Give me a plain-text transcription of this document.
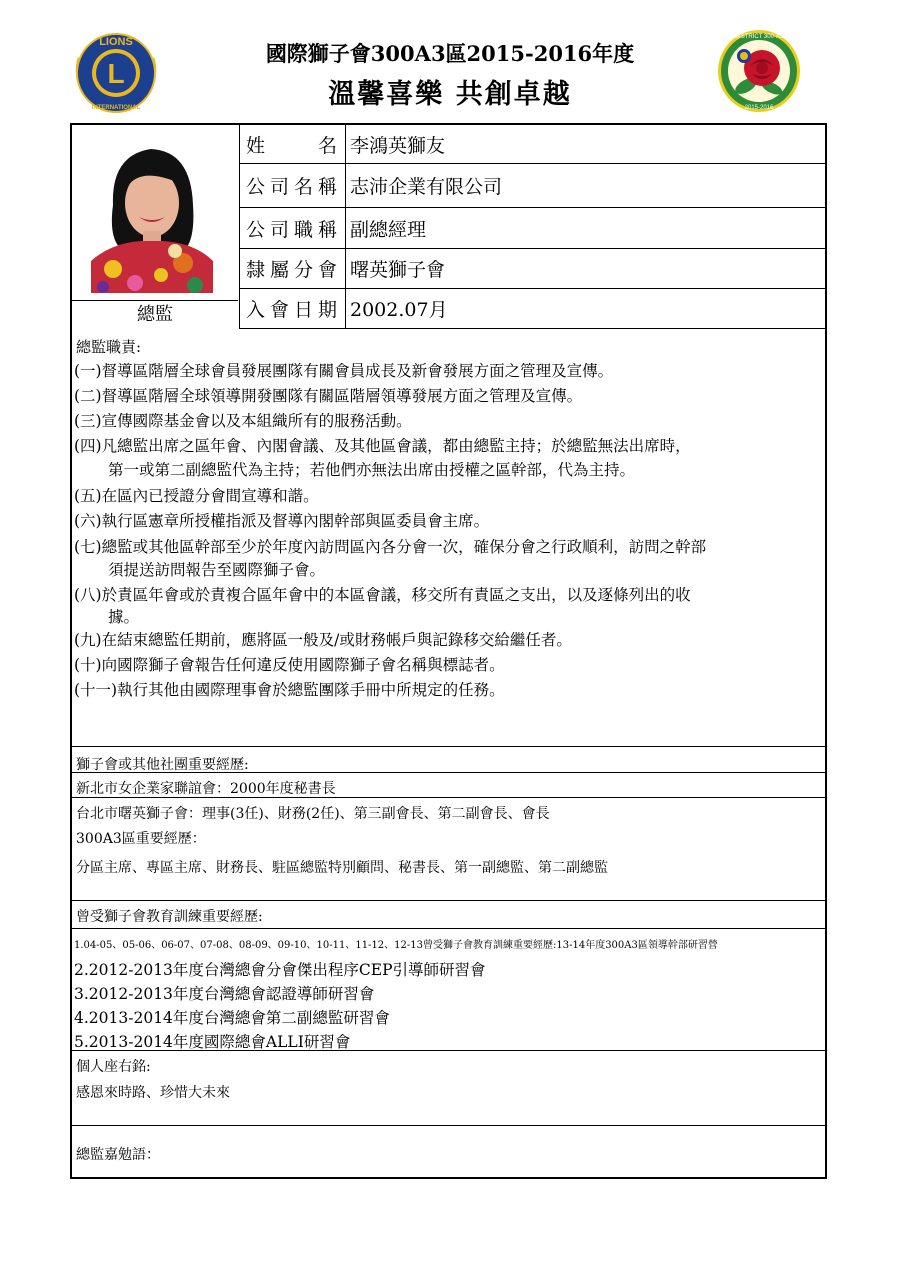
L
LIONS
INTERNATIONAL
DISTRICT 300-A3
2015-2016
國際獅子會300A3區2015-2016年度
溫馨喜樂 共創卓越
總監
姓　　名 李鴻英獅友
公司名稱 志沛企業有限公司
公司職稱 副總經理
隸屬分會 曙英獅子會
入會日期 2002.07月
總監職責:
(一)督導區階層全球會員發展團隊有關會員成長及新會發展方面之管理及宣傳。
(二)督導區階層全球領導開發團隊有關區階層領導發展方面之管理及宣傳。
(三)宣傳國際基金會以及本組織所有的服務活動。
(四)凡總監出席之區年會、內閣會議、及其他區會議，都由總監主持；於總監無法出席時，
第一或第二副總監代為主持；若他們亦無法出席由授權之區幹部，代為主持。
(五)在區內已授證分會間宣導和諧。
(六)執行區憲章所授權指派及督導內閣幹部與區委員會主席。
(七)總監或其他區幹部至少於年度內訪問區內各分會一次，確保分會之行政順利，訪問之幹部
須提送訪問報告至國際獅子會。
(八)於責區年會或於責複合區年會中的本區會議，移交所有責區之支出，以及逐條列出的收
據。
(九)在結束總監任期前，應將區一般及/或財務帳戶與記錄移交給繼任者。
(十)向國際獅子會報告任何違反使用國際獅子會名稱與標誌者。
(十一)執行其他由國際理事會於總監團隊手冊中所規定的任務。
獅子會或其他社團重要經歷:
新北市女企業家聯誼會：2000年度秘書長
台北市曙英獅子會：理事(3任)、財務(2任)、第三副會長、第二副會長、會長
300A3區重要經歷：
分區主席、專區主席、財務長、駐區總監特別顧問、秘書長、第一副總監、第二副總監
曾受獅子會教育訓練重要經歷:
1.04-05、05-06、06-07、07-08、08-09、09-10、10-11、11-12、12-13曾受獅子會教育訓練重要經歷:13-14年度300A3區領導幹部研習營
2.2012-2013年度台灣總會分會傑出程序CEP引導師研習會
3.2012-2013年度台灣總會認證導師研習會
4.2013-2014年度台灣總會第二副總監研習會
5.2013-2014年度國際總會ALLI研習會
個人座右銘:
感恩來時路、珍惜大未來
總監嘉勉語：
